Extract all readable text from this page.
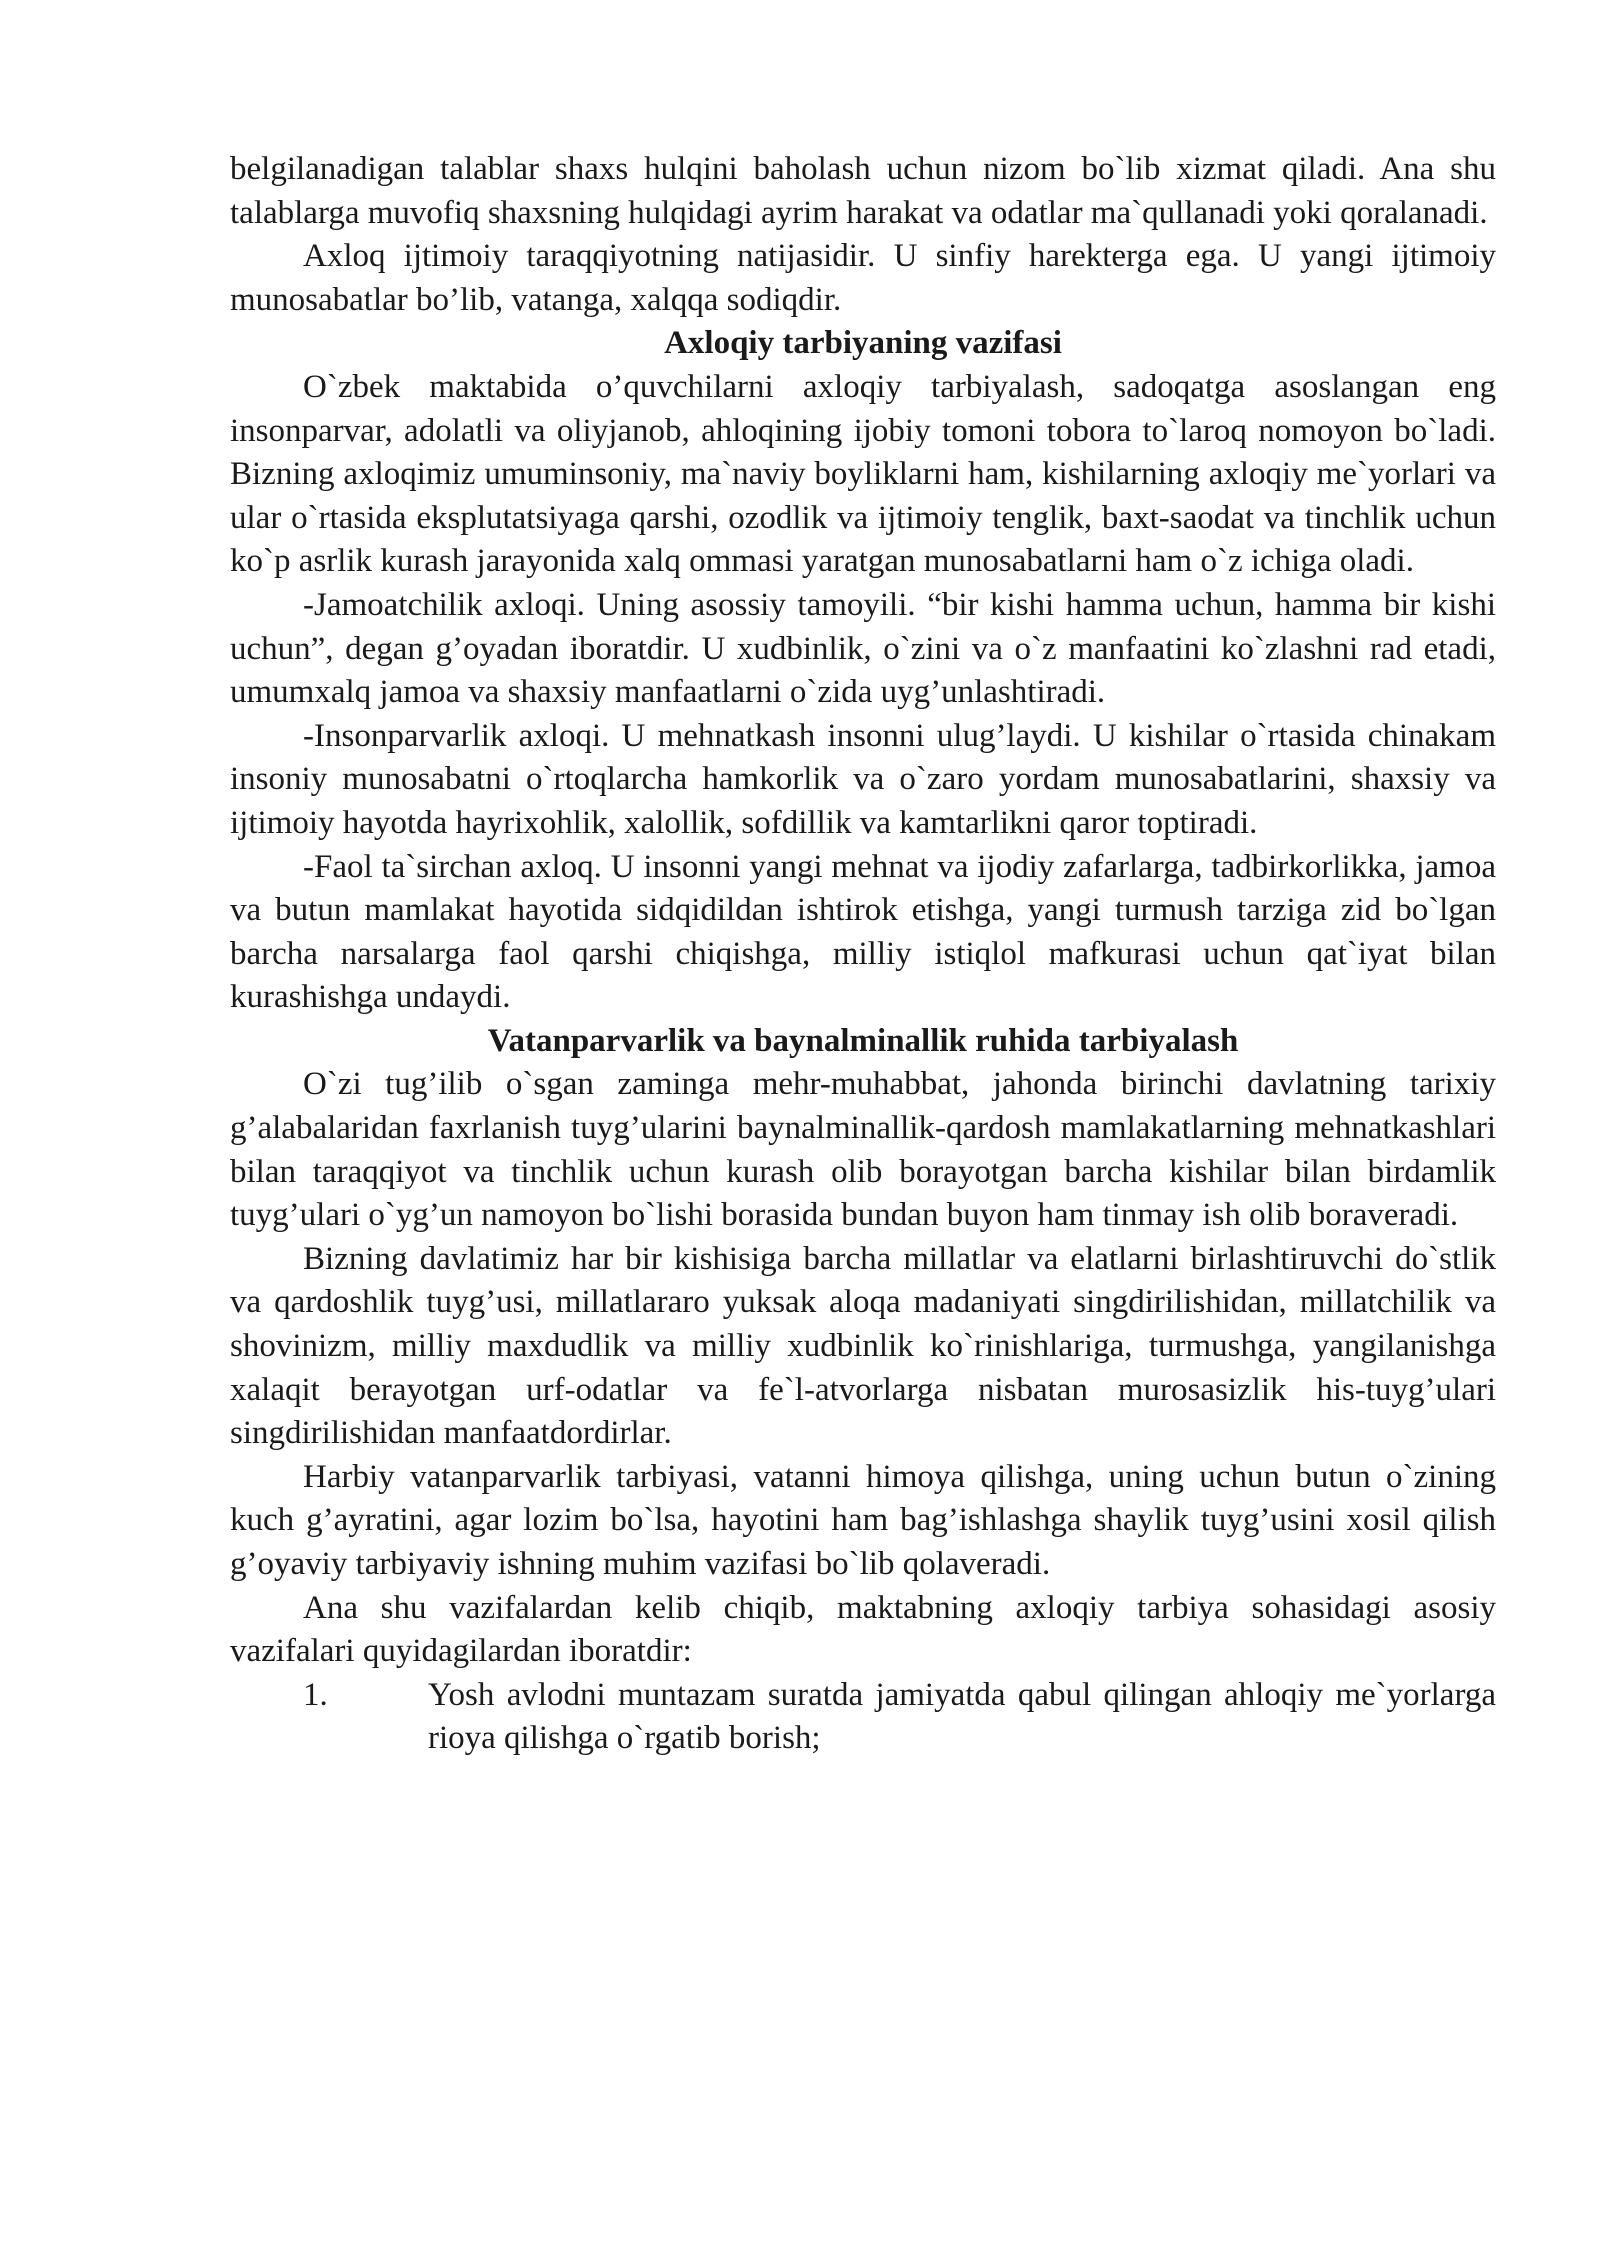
belgilanadigan talablar shaxs hulqini baholash uchun nizom bo`lib xizmat qiladi. Ana shu talablarga muvofiq shaxsning hulqidagi ayrim harakat va odatlar ma`qullanadi yoki qoralanadi.

Axloq ijtimoiy taraqqiyotning natijasidir. U sinfiy harekterga ega. U yangi ijtimoiy munosabatlar bo’lib, vatanga, xalqqa sodiqdir.

Axloqiy tarbiyaning vazifasi

O`zbek maktabida o’quvchilarni axloqiy tarbiyalash, sadoqatga asoslangan eng insonparvar, adolatli va oliyjanob, ahloqining ijobiy tomoni tobora to`laroq nomoyon bo`ladi. Bizning axloqimiz umuminsoniy, ma`naviy boyliklarni ham, kishilarning axloqiy me`yorlari va ular o`rtasida eksplutatsiyaga qarshi, ozodlik va ijtimoiy tenglik, baxt-saodat va tinchlik uchun ko`p asrlik kurash jarayonida xalq ommasi yaratgan munosabatlarni ham o`z ichiga oladi.

-Jamoatchilik axloqi. Uning asossiy tamoyili. “bir kishi hamma uchun, hamma bir kishi uchun”, degan g’oyadan iboratdir. U xudbinlik, o`zini va o`z manfaatini ko`zlashni rad etadi, umumxalq jamoa va shaxsiy manfaatlarni o`zida uyg’unlashtiradi.

-Insonparvarlik axloqi. U mehnatkash insonni ulug’laydi. U kishilar o`rtasida chinakam insoniy munosabatni o`rtoqlarcha hamkorlik va o`zaro yordam munosabatlarini, shaxsiy va ijtimoiy hayotda hayrixohlik, xalollik, sofdillik va kamtarlikni qaror toptiradi.

-Faol ta`sirchan axloq. U insonni yangi mehnat va ijodiy zafarlarga, tadbirkorlikka, jamoa va butun mamlakat hayotida sidqidildan ishtirok etishga, yangi turmush tarziga zid bo`lgan barcha narsalarga faol qarshi chiqishga, milliy istiqlol mafkurasi uchun qat`iyat bilan kurashishga undaydi.

Vatanparvarlik va baynalminallik ruhida tarbiyalash

O`zi tug’ilib o`sgan zaminga mehr-muhabbat, jahonda birinchi davlatning tarixiy g’alabalaridan faxrlanish tuyg’ularini baynalminallik-qardosh mamlakatlarning mehnatkashlari bilan taraqqiyot va tinchlik uchun kurash olib borayotgan barcha kishilar bilan birdamlik tuyg’ulari o`yg’un namoyon bo`lishi borasida bundan buyon ham tinmay ish olib boraveradi.

Bizning davlatimiz har bir kishisiga barcha millatlar va elatlarni birlashtiruvchi do`stlik va qardoshlik tuyg’usi, millatlararo yuksak aloqa madaniyati singdirilishidan, millatchilik va shovinizm, milliy maxdudlik va milliy xudbinlik ko`rinishlariga, turmushga, yangilanishga xalaqit berayotgan urf-odatlar va fe`l-atvorlarga nisbatan murosasizlik his-tuyg’ulari singdirilishidan manfaatdordirlar.

Harbiy vatanparvarlik tarbiyasi, vatanni himoya qilishga, uning uchun butun o`zining kuch g’ayratini, agar lozim bo`lsa, hayotini ham bag’ishlashga shaylik tuyg’usini xosil qilish g’oyaviy tarbiyaviy ishning muhim vazifasi bo`lib qolaveradi.

Ana shu vazifalardan kelib chiqib, maktabning axloqiy tarbiya sohasidagi asosiy vazifalari quyidagilardan iboratdir:

1.	Yosh avlodni muntazam suratda jamiyatda qabul qilingan ahloqiy me`yorlarga rioya qilishga o`rgatib borish;
